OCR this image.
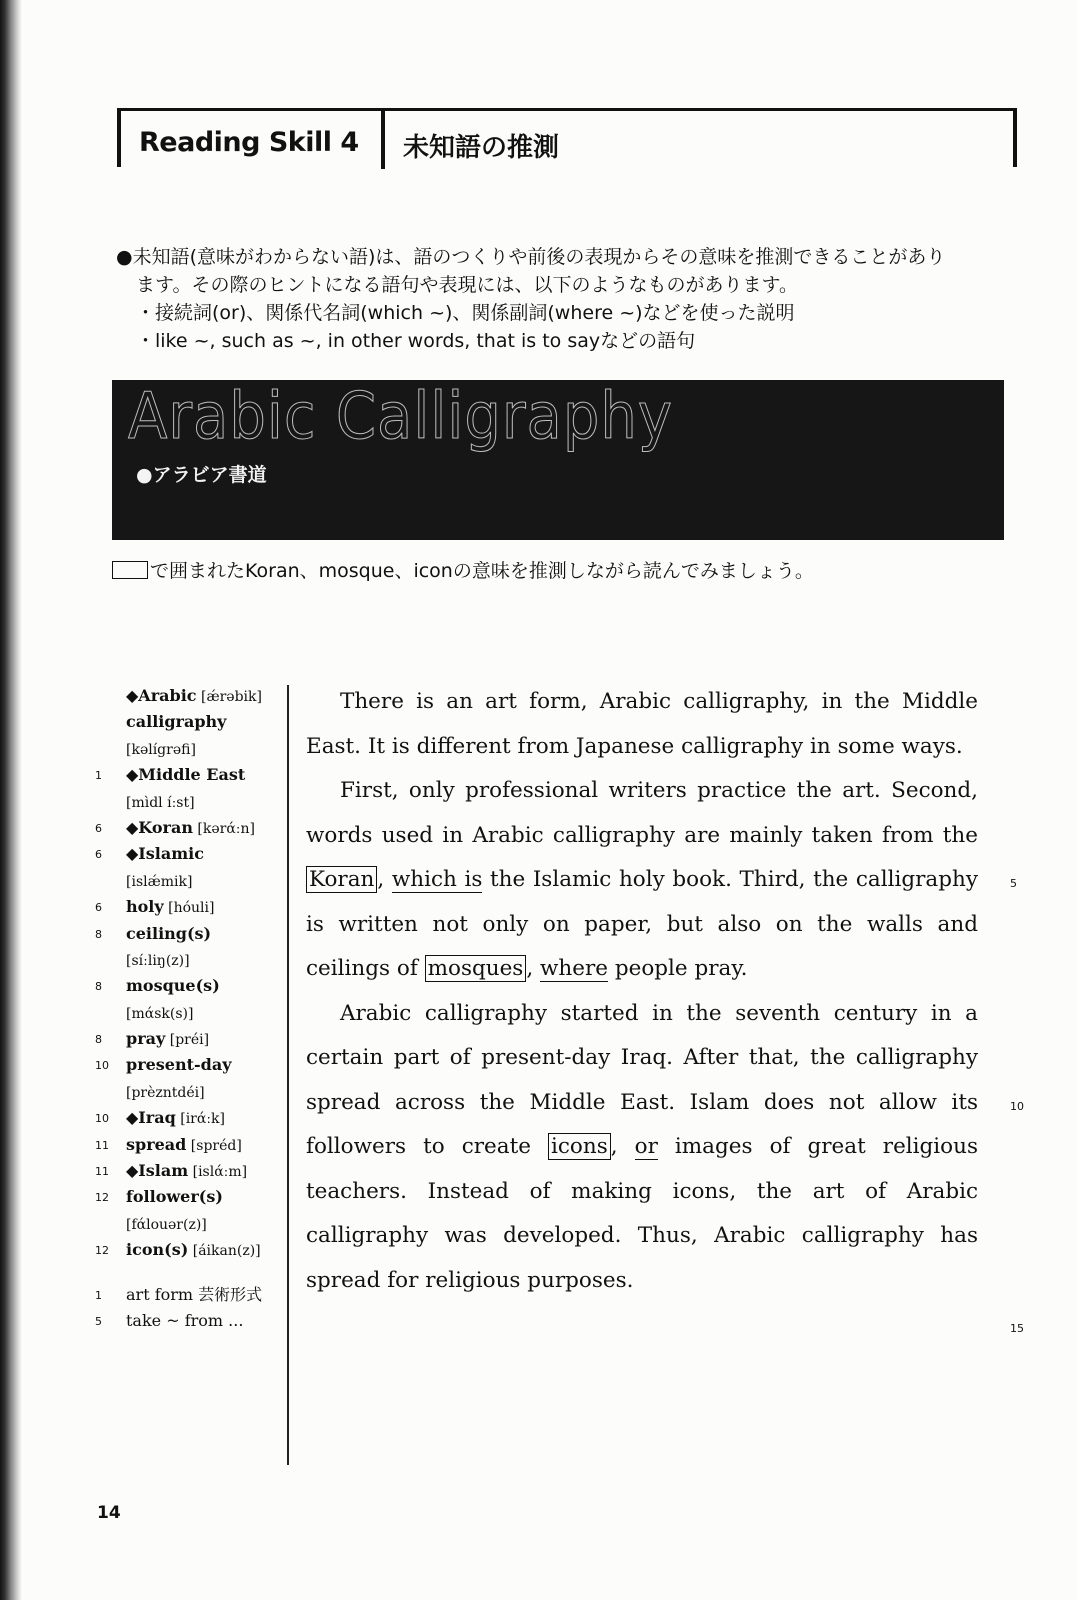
Reading Skill 4 未知語の推測
●未知語(意味がわからない語)は、語のつくりや前後の表現からその意味を推測できることがあり
ます。その際のヒントになる語句や表現には、以下のようなものがあります。
・接続詞(or)、関係代名詞(which ~)、関係副詞(where ~)などを使った説明
・like ~, such as ~, in other words, that is to sayなどの語句
Arabic Calligraphy
●アラビア書道
で囲まれたKoran、mosque、iconの意味を推測しながら読んでみましょう。
◆Arabic [ǽrəbik]
calligraphy
[kəlígrəfi]
1	◆Middle East
[mìdl íːst]
6	◆Koran [kərάːn]
6	◆Islamic
[islǽmik]
6	holy [hóuli]
8	ceiling(s)
[síːliŋ(z)]
8	mosque(s)
[mάsk(s)]
8	pray [préi]
10	present-day
[prèzntdéi]
10	◆Iraq [irάːk]
11	spread [spréd]
11	◆Islam [islάːm]
12	follower(s)
[fάlouər(z)]
12	icon(s) [áikan(z)]
1	art form 芸術形式
5	take ~ from ...

There is an art form, Arabic calligraphy, in the Middle East. It is different from Japanese calligraphy in some ways.

First, only professional writers practice the art. Second, words used in Arabic calligraphy are mainly taken from the Koran , which is the Islamic holy book. Third, the calligraphy is written not only on paper, but also on the walls and ceilings of mosques , where people pray.

Arabic calligraphy started in the seventh century in a certain part of present-day Iraq. After that, the calligraphy spread across the Middle East. Islam does not allow its followers to create icons , or images of great religious teachers. Instead of making icons, the art of Arabic calligraphy was developed. Thus, Arabic calligraphy has spread for religious purposes.

5
10
15
14
